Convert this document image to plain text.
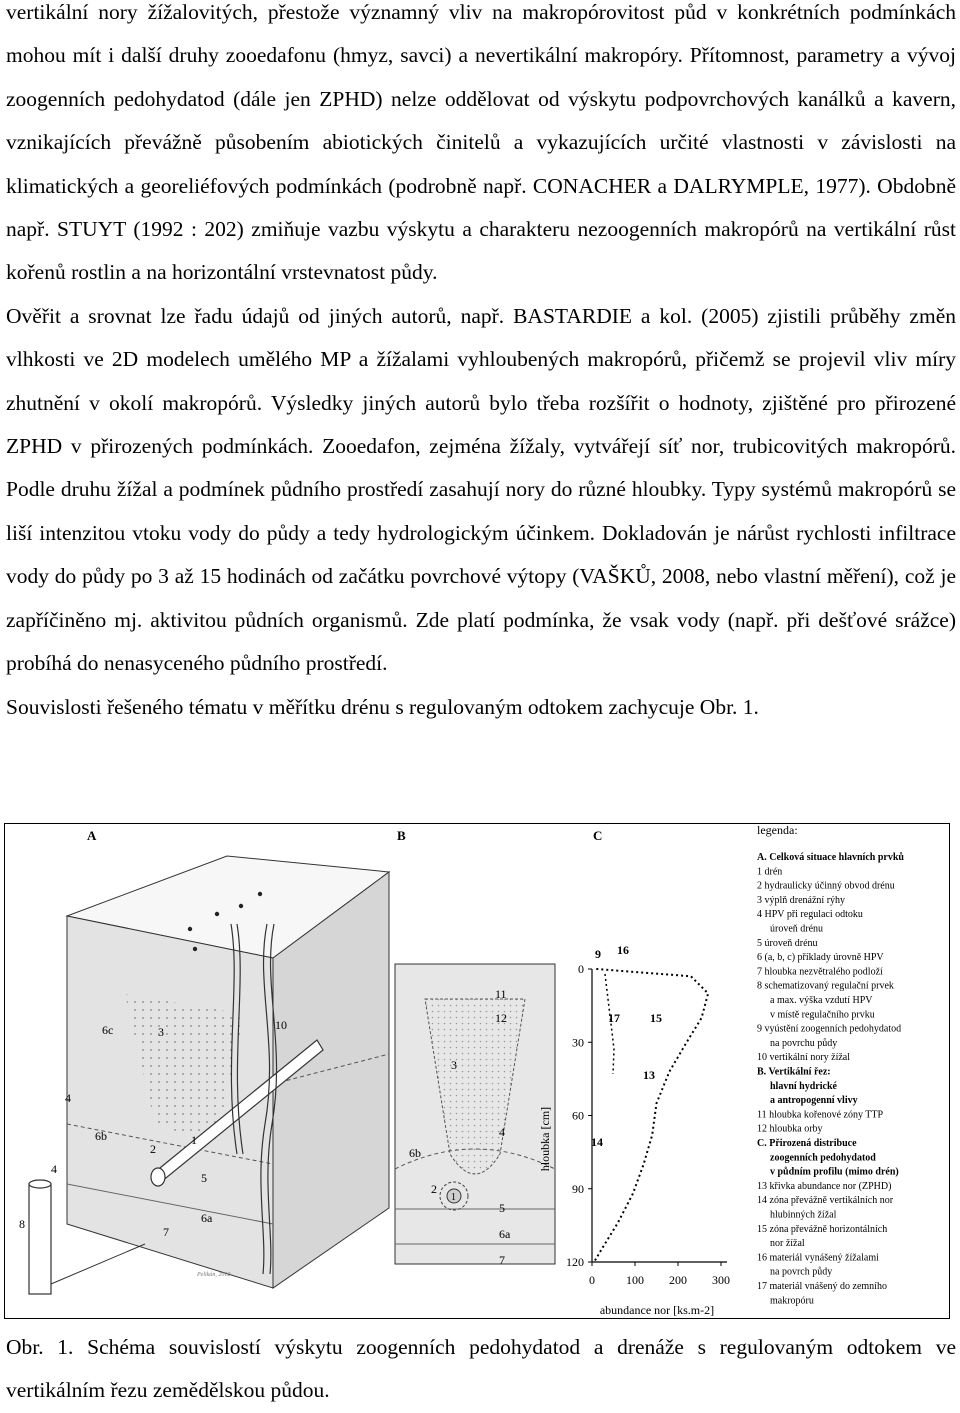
vertikální nory žížalovitých, přestože významný vliv na makropórovitost půd v konkrétních podmínkách mohou mít i další druhy zooedafonu (hmyz, savci) a nevertikální makropóry. Přítomnost, parametry a vývoj zoogenních pedohydatod (dále jen ZPHD) nelze oddělovat od výskytu podpovrchových kanálků a kavern, vznikajících převážně působením abiotických činitelů a vykazujících určité vlastnosti v závislosti na klimatických a georeliéfových podmínkách (podrobně např. CONACHER a DALRYMPLE, 1977). Obdobně např. STUYT (1992 : 202) zmiňuje vazbu výskytu a charakteru nezoogenních makropórů na vertikální růst kořenů rostlin a na horizontální vrstevnatost půdy.

Ověřit a srovnat lze řadu údajů od jiných autorů, např. BASTARDIE a kol. (2005) zjistili průběhy změn vlhkosti ve 2D modelech umělého MP a žížalami vyhloubených makropórů, přičemž se projevil vliv míry zhutnění v okolí makropórů. Výsledky jiných autorů bylo třeba rozšířit o hodnoty, zjištěné pro přirozené ZPHD v přirozených podmínkách. Zooedafon, zejména žížaly, vytvářejí síť nor, trubicovitých makropórů. Podle druhu žížal a podmínek půdního prostředí zasahují nory do různé hloubky. Typy systémů makropórů se liší intenzitou vtoku vody do půdy a tedy hydrologickým účinkem. Dokladován je nárůst rychlosti infiltrace vody do půdy po 3 až 15 hodinách od začátku povrchové výtopy (VAŠKŮ, 2008, nebo vlastní měření), což je zapříčiněno mj. aktivitou půdních organismů. Zde platí podmínka, že vsak vody (např. při dešťové srážce) probíhá do nenasyceného půdního prostředí.

Souvislosti řešeného tématu v měřítku drénu s regulovaným odtokem zachycuje Obr. 1.

A	B	C
Pelikán, 2012
3
4
4
6c	10
6b	1
2
5
6a
7
8
11
12
3
4
6b
1
2
5
6a
7
hloubka [cm]
abundance nor [ks.m-2]
0
30
60
90
120
0	100 200 300
9 16
17	15
13
14
legenda:
A. Celková situace hlavních prvků
1 drén
2 hydraulicky účinný obvod drénu
3 výplň drenážní rýhy
4 HPV při regulaci odtoku
úroveň drénu
5 úroveň drénu
6 (a, b, c) příklady úrovně HPV
7 hloubka nezvětralého podloží
8 schematizovaný regulační prvek
a max. výška vzdutí HPV
v místě regulačního prvku
9 vyústění zoogenních pedohydatod
na povrchu půdy
10 vertikální nory žížal
B. Vertikální řez:
hlavní hydrické
a antropogenní vlivy
11 hloubka kořenové zóny TTP
12 hloubka orby
C. Přirozená distribuce
zoogenních pedohydatod
v půdním profilu (mimo drén)
13 křivka abundance nor (ZPHD)
14 zóna převážně vertikálních nor
hlubinných žížal
15 zóna převážně horizontálních
nor žížal
16 materiál vynášený žížalami
na povrch půdy
17 materiál vnášený do zemního
makropóru
Obr. 1. Schéma souvislostí výskytu zoogenních pedohydatod a drenáže s regulovaným odtokem ve vertikálním řezu zemědělskou půdou.
